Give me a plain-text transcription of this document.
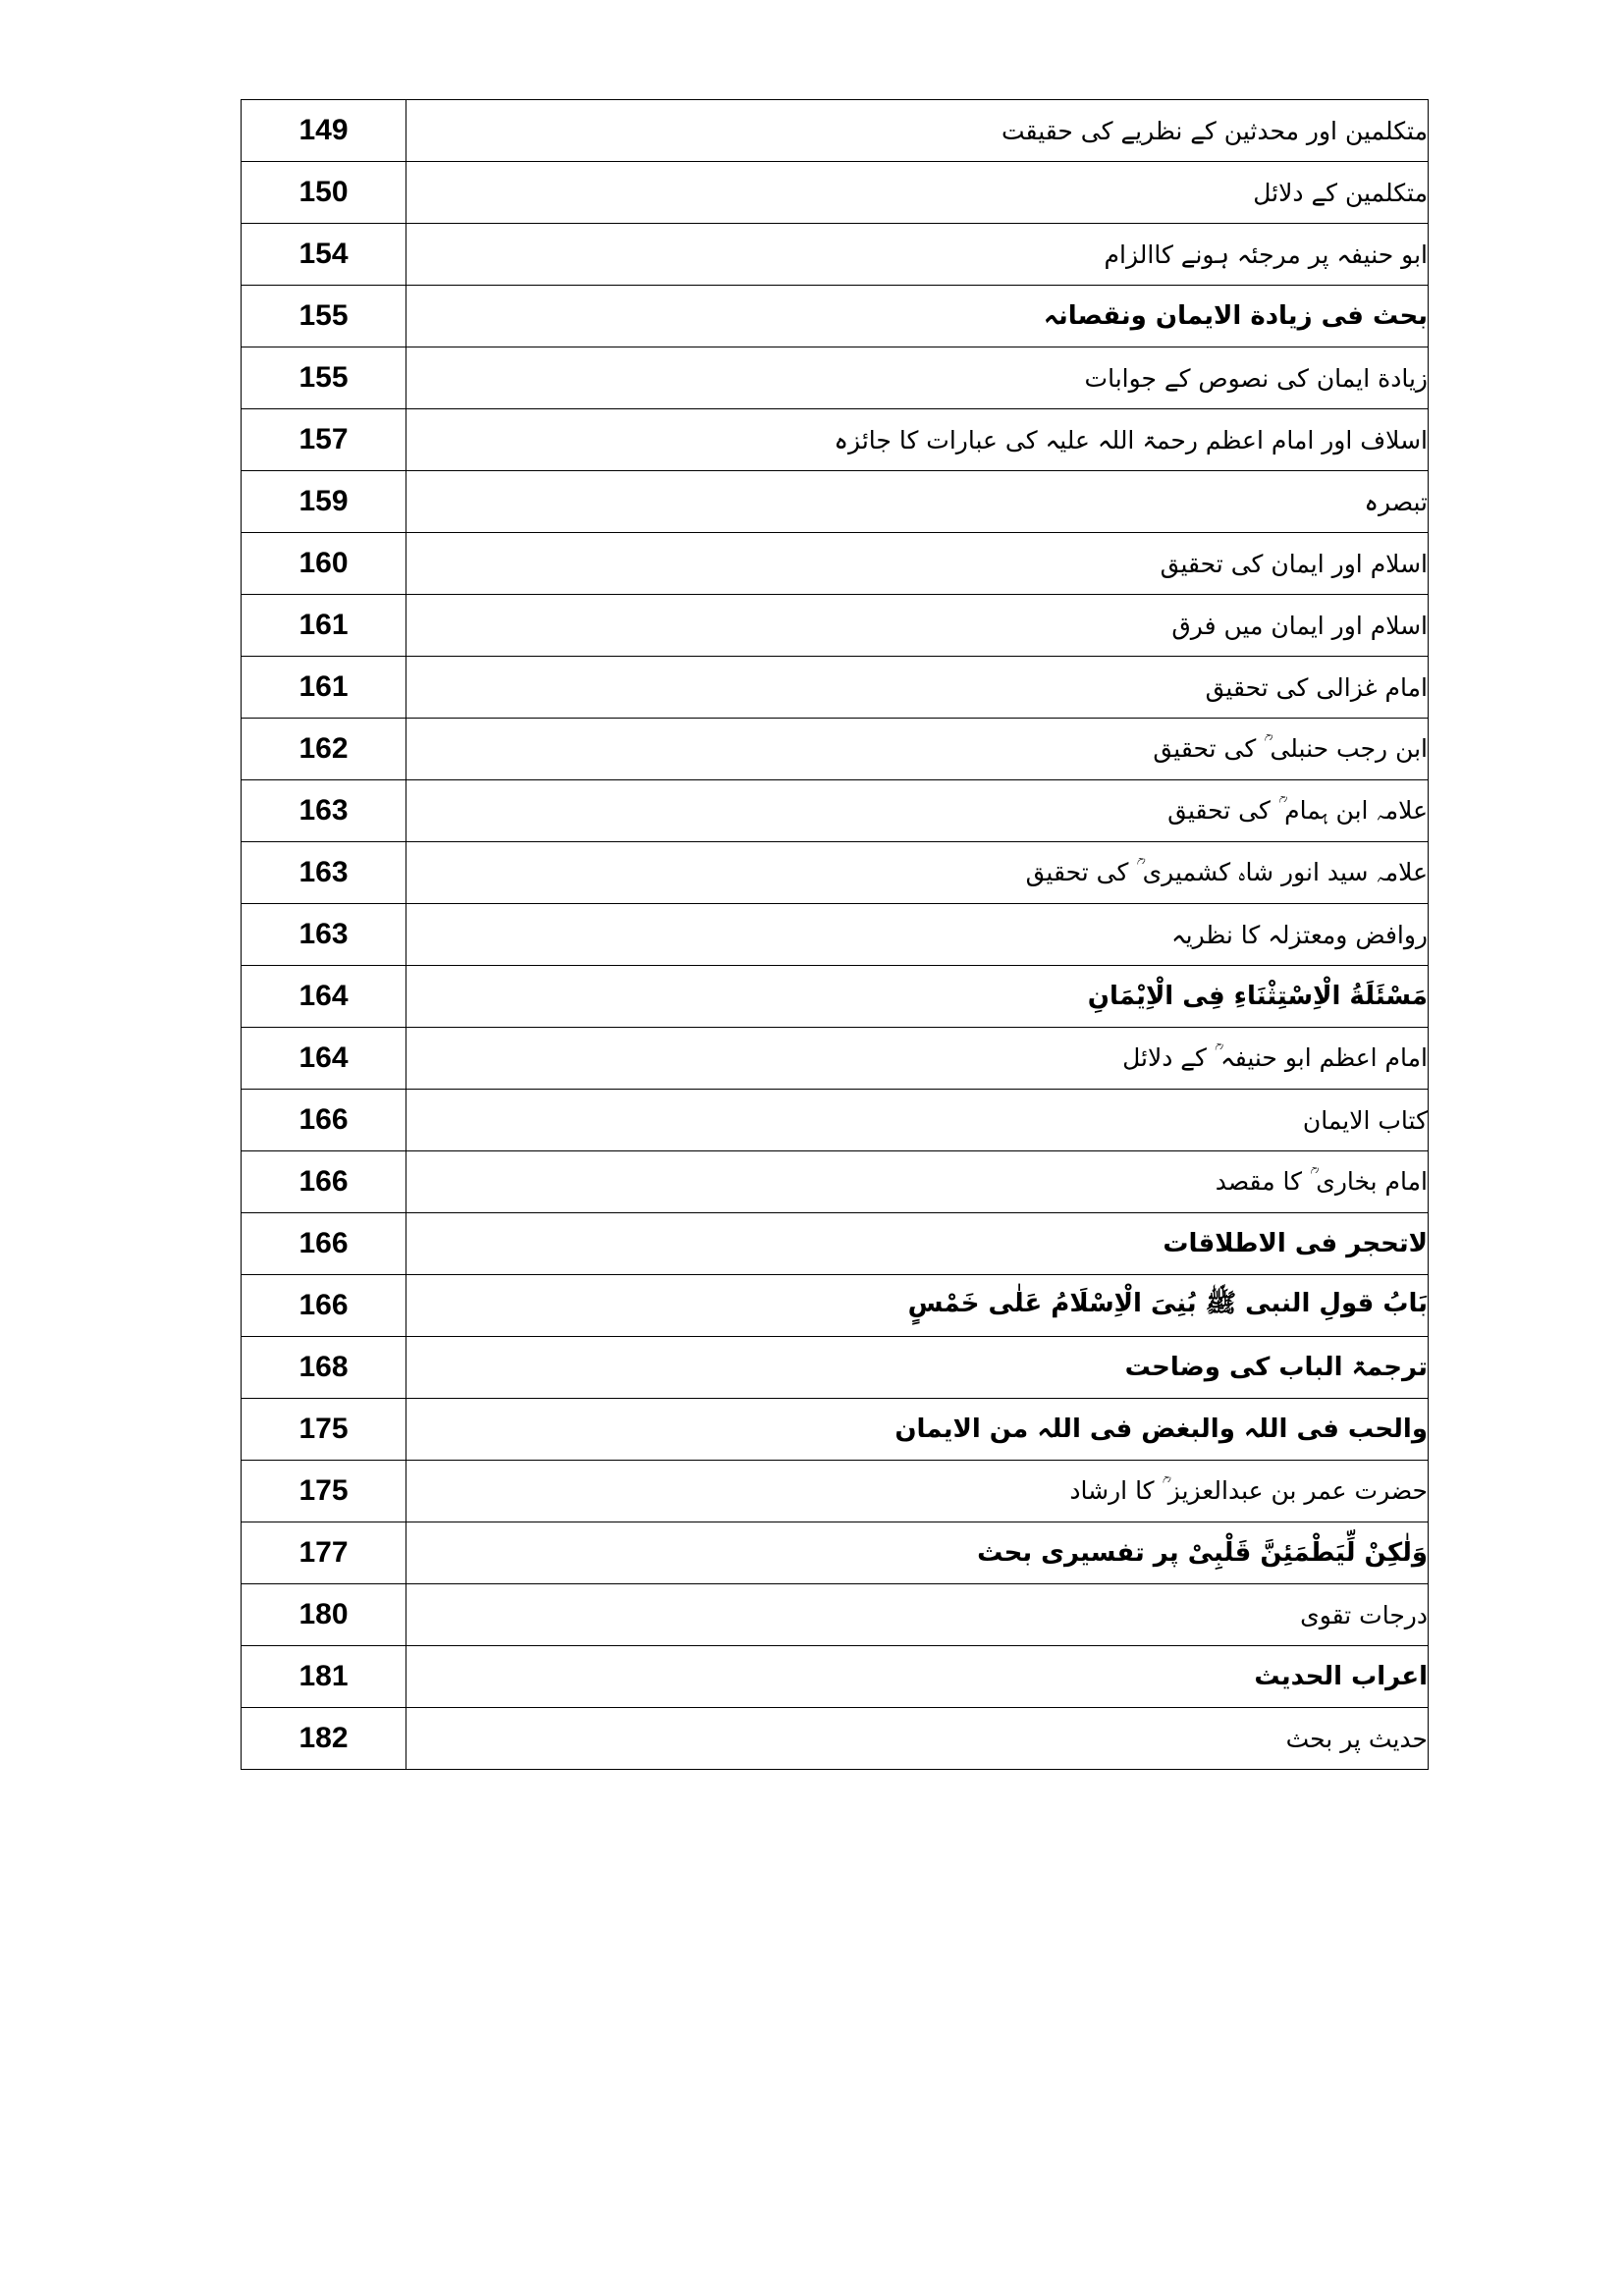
149	متکلمین اور محدثین کے نظریے کی حقیقت
150	متکلمین کے دلائل
154	ابو حنیفہ پر مرجئہ ہونے کاالزام
155	بحث فی زیادة الایمان ونقصانہ
155	زیادة ایمان کی نصوص کے جوابات
157	اسلاف اور امام اعظم رحمۃ اللہ علیہ کی عبارات کا جائزہ
159	تبصرہ
160	اسلام اور ایمان کی تحقیق
161	اسلام اور ایمان میں فرق
161	امام غزالی کی تحقیق
162	ابن رجب حنبلی ؒ کی تحقیق
163	علامہ ابن ہمام ؒ کی تحقیق
163	علامہ سید انور شاہ کشمیری ؒ کی تحقیق
163	روافض ومعتزلہ کا نظریہ
164	مَسْئَلَةُ الْاِسْتِثْنَاءِ فِی الْاِیْمَانِ
164	امام اعظم ابو حنیفہ ؒ کے دلائل
166	کتاب الایمان
166	امام بخاری ؒ کا مقصد
166	لاتحجر فی الاطلاقات
166	بَابُ قولِ النبی ﷺ بُنِیَ الْاِسْلَامُ عَلٰی خَمْسٍ
168	ترجمۃ الباب کی وضاحت
175	والحب فی اللہ والبغض فی اللہ من الایمان
175	حضرت عمر بن عبدالعزیز ؒ کا ارشاد
177	وَلٰكِنْ لِّيَطْمَئِنَّ قَلْبِیْ پر تفسیری بحث
180	درجات تقوی
181	اعراب الحدیث
182	حدیث پر بحث
